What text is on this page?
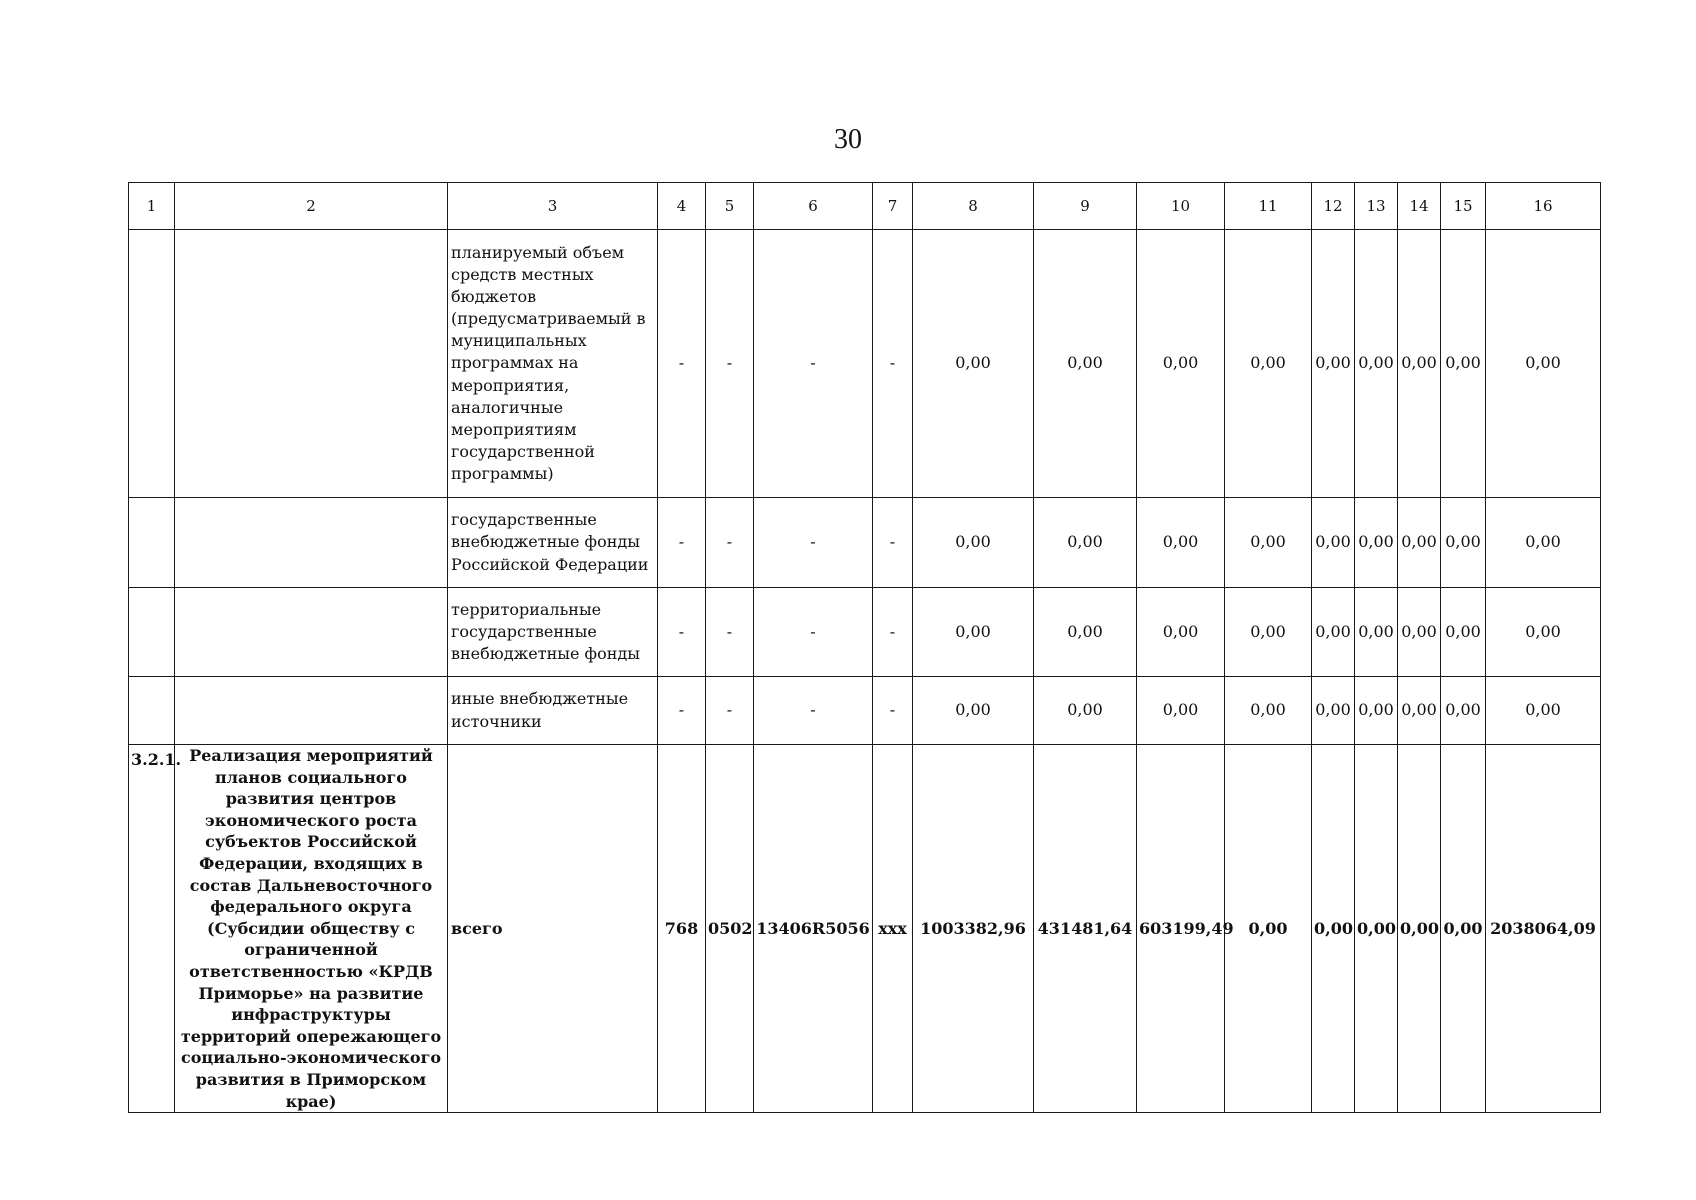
30
1	2	3	4	5	6	7	8	9	10	11	12	13	14	15	16
		планируемый объем средств местных бюджетов (предусматриваемый в муниципальных программах на мероприятия, аналогичные мероприятиям государственной программы)	-	-	-	-	0,00	0,00	0,00	0,00	0,00	0,00	0,00	0,00	0,00
		государственные внебюджетные фонды Российской Федерации	-	-	-	-	0,00	0,00	0,00	0,00	0,00	0,00	0,00	0,00	0,00
		территориальные государственные внебюджетные фонды	-	-	-	-	0,00	0,00	0,00	0,00	0,00	0,00	0,00	0,00	0,00
		иные внебюджетные источники	-	-	-	-	0,00	0,00	0,00	0,00	0,00	0,00	0,00	0,00	0,00
3.2.1.	Реализация мероприятий планов социального развития центров экономического роста субъектов Российской Федерации, входящих в состав Дальневосточного федерального округа (Субсидии обществу с ограниченной ответственностью «КРДВ Приморье» на развитие инфраструктуры территорий опережающего социально-экономического развития в Приморском крае)	всего	768	0502	13406R5056	ххх	1003382,96	431481,64	603199,49	0,00	0,00	0,00	0,00	0,00	2038064,09
